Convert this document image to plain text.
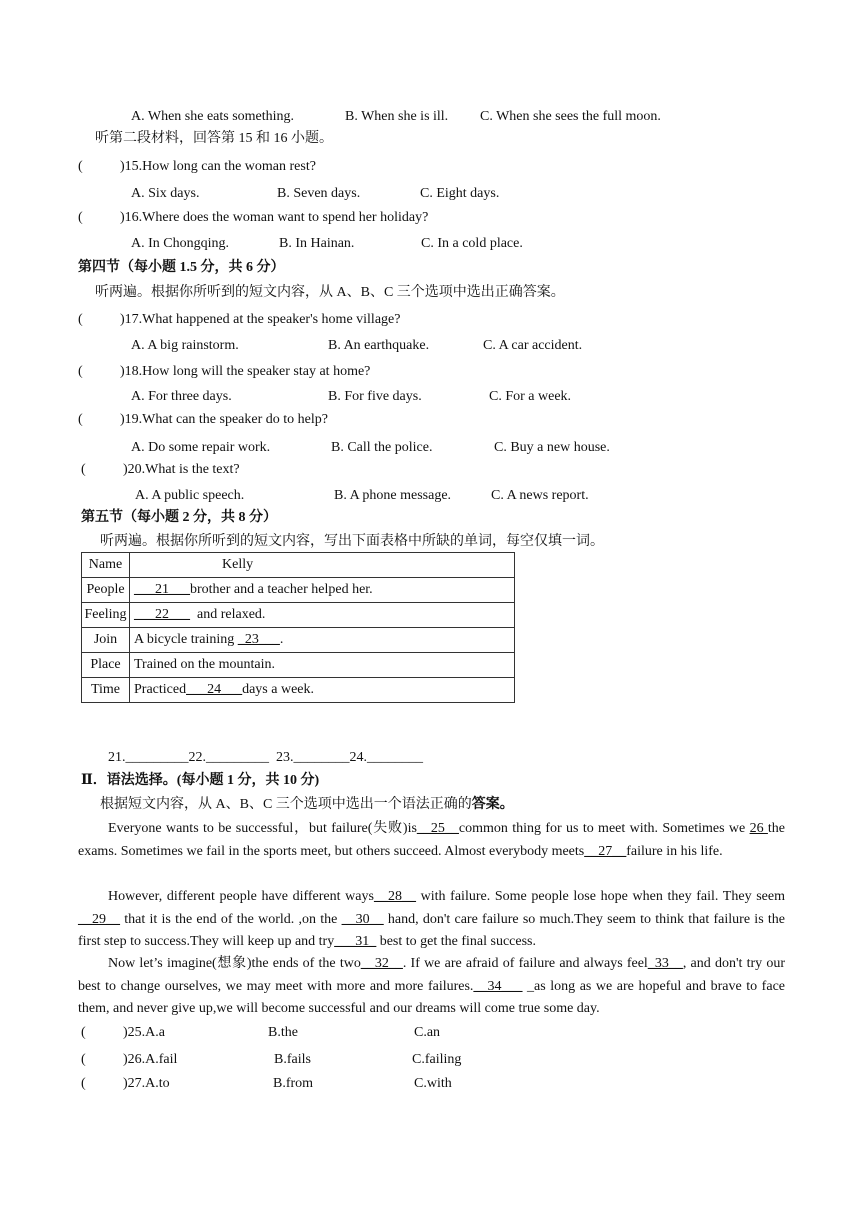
A. When she eats something.	B. When she is ill. C. When she sees the full moon.
听第二段材料，回答第 15 和 16 小题。
(	)15.How long can the woman rest?
A. Six days.	B. Seven days.	C. Eight days.
(	)16.Where does the woman want to spend her holiday?
A. In Chongqing.	B. In Hainan.	C. In a cold place.
第四节（每小题 1.5 分，共 6 分）
听两遍。根据你所听到的短文内容，从 A、B、C 三个选项中选出正确答案。
(	)17.What happened at the speaker's home village?
A. A big rainstorm.	B. An earthquake.	C. A car accident.
(	)18.How long will the speaker stay at home?
A. For three days.	B. For five days.	C. For a week.
(	)19.What can the speaker do to help?
A. Do some repair work.	B. Call the police.	C. Buy a new house.
(	)20.What is the text?
A. A public speech.	B. A phone message.	C. A news report.
第五节（每小题 2 分，共 8 分）
听两遍。根据你所听到的短文内容，写出下面表格中所缺的单词，每空仅填一词。
Name	Kelly
People	___21___brother and a teacher helped her.
Feeling	___22___  and relaxed.
Join	A bicycle training _23___.
Place	Trained on the mountain.
Time	Practiced___24___days a week.
21._________22._________  23.________24.________
Ⅱ．语法选择。(每小题 1 分，共 10 分)
根据短文内容，从 A、B、C 三个选项中选出一个语法正确的答案。
Everyone wants to be successful，but failure(失败)is__25__common thing for us to meet with. Sometimes we 26 the exams. Sometimes we fail in the sports meet, but others succeed. Almost everybody meets__27__failure in his life.
However, different people have different ways__28__ with failure. Some people lose hope when they fail. They seem __29__ that it is the end of the world. ,on the __30__ hand, don't care failure so much.They seem to think that failure is the first step to success.They will keep up and try___31_ best to get the final success.
Now let’s imagine(想象)the ends of the two__32__. If we are afraid of failure and always feel_33__, and don't try our best to change ourselves, we may meet with more and more failures.__34___ _as long as we are hopeful and brave to face them, and never give up,we will become successful and our dreams will come true some day.
(	)25.A.a	B.the	C.an
(	)26.A.fail	B.fails	C.failing
(	)27.A.to	B.from	C.with
